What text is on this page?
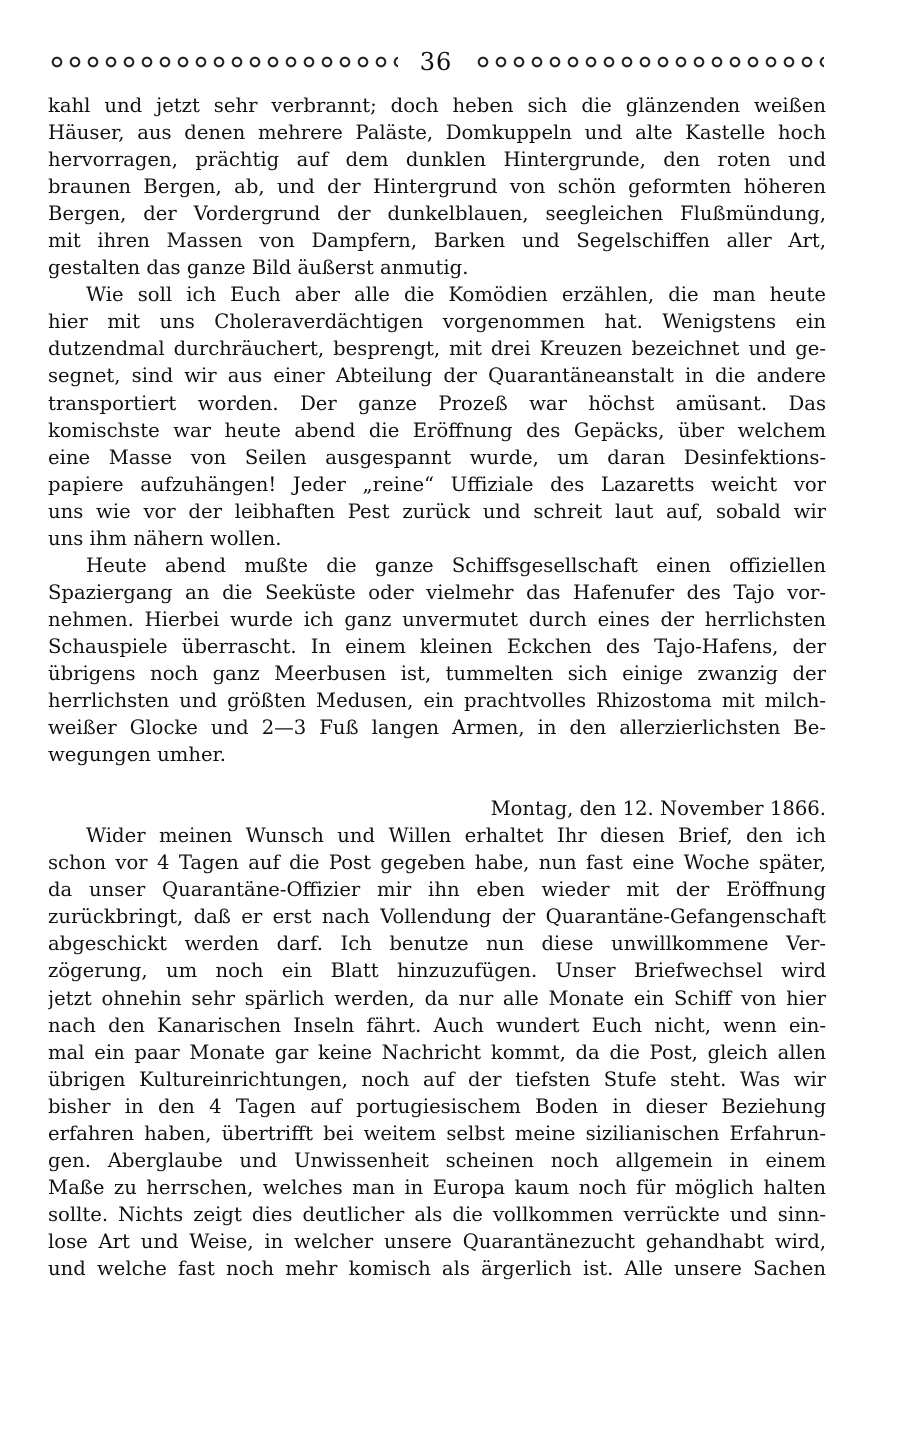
36
kahl und jetzt sehr verbrannt; doch heben sich die glänzenden weißen
Häuser, aus denen mehrere Paläste, Domkuppeln und alte Kastelle hoch
hervorragen, prächtig auf dem dunklen Hintergrunde, den roten und
braunen Bergen, ab, und der Hintergrund von schön geformten höheren
Bergen, der Vordergrund der dunkelblauen, seegleichen Flußmündung,
mit ihren Massen von Dampfern, Barken und Segelschiffen aller Art,
gestalten das ganze Bild äußerst anmutig.
Wie soll ich Euch aber alle die Komödien erzählen, die man heute
hier mit uns Choleraverdächtigen vorgenommen hat. Wenigstens ein
dutzendmal durchräuchert, besprengt, mit drei Kreuzen bezeichnet und ge-
segnet, sind wir aus einer Abteilung der Quarantäneanstalt in die andere
transportiert worden. Der ganze Prozeß war höchst amüsant. Das
komischste war heute abend die Eröffnung des Gepäcks, über welchem
eine Masse von Seilen ausgespannt wurde, um daran Desinfektions-
papiere aufzuhängen! Jeder „reine“ Uffiziale des Lazaretts weicht vor
uns wie vor der leibhaften Pest zurück und schreit laut auf, sobald wir
uns ihm nähern wollen.
Heute abend mußte die ganze Schiffsgesellschaft einen offiziellen
Spaziergang an die Seeküste oder vielmehr das Hafenufer des Tajo vor-
nehmen. Hierbei wurde ich ganz unvermutet durch eines der herrlichsten
Schauspiele überrascht. In einem kleinen Eckchen des Tajo-Hafens, der
übrigens noch ganz Meerbusen ist, tummelten sich einige zwanzig der
herrlichsten und größten Medusen, ein prachtvolles Rhizostoma mit milch-
weißer Glocke und 2—3 Fuß langen Armen, in den allerzierlichsten Be-
wegungen umher.
Montag, den 12. November 1866.
Wider meinen Wunsch und Willen erhaltet Ihr diesen Brief, den ich
schon vor 4 Tagen auf die Post gegeben habe, nun fast eine Woche später,
da unser Quarantäne-Offizier mir ihn eben wieder mit der Eröffnung
zurückbringt, daß er erst nach Vollendung der Quarantäne-Gefangenschaft
abgeschickt werden darf. Ich benutze nun diese unwillkommene Ver-
zögerung, um noch ein Blatt hinzuzufügen. Unser Briefwechsel wird
jetzt ohnehin sehr spärlich werden, da nur alle Monate ein Schiff von hier
nach den Kanarischen Inseln fährt. Auch wundert Euch nicht, wenn ein-
mal ein paar Monate gar keine Nachricht kommt, da die Post, gleich allen
übrigen Kultureinrichtungen, noch auf der tiefsten Stufe steht. Was wir
bisher in den 4 Tagen auf portugiesischem Boden in dieser Beziehung
erfahren haben, übertrifft bei weitem selbst meine sizilianischen Erfahrun-
gen. Aberglaube und Unwissenheit scheinen noch allgemein in einem
Maße zu herrschen, welches man in Europa kaum noch für möglich halten
sollte. Nichts zeigt dies deutlicher als die vollkommen verrückte und sinn-
lose Art und Weise, in welcher unsere Quarantänezucht gehandhabt wird,
und welche fast noch mehr komisch als ärgerlich ist. Alle unsere Sachen
